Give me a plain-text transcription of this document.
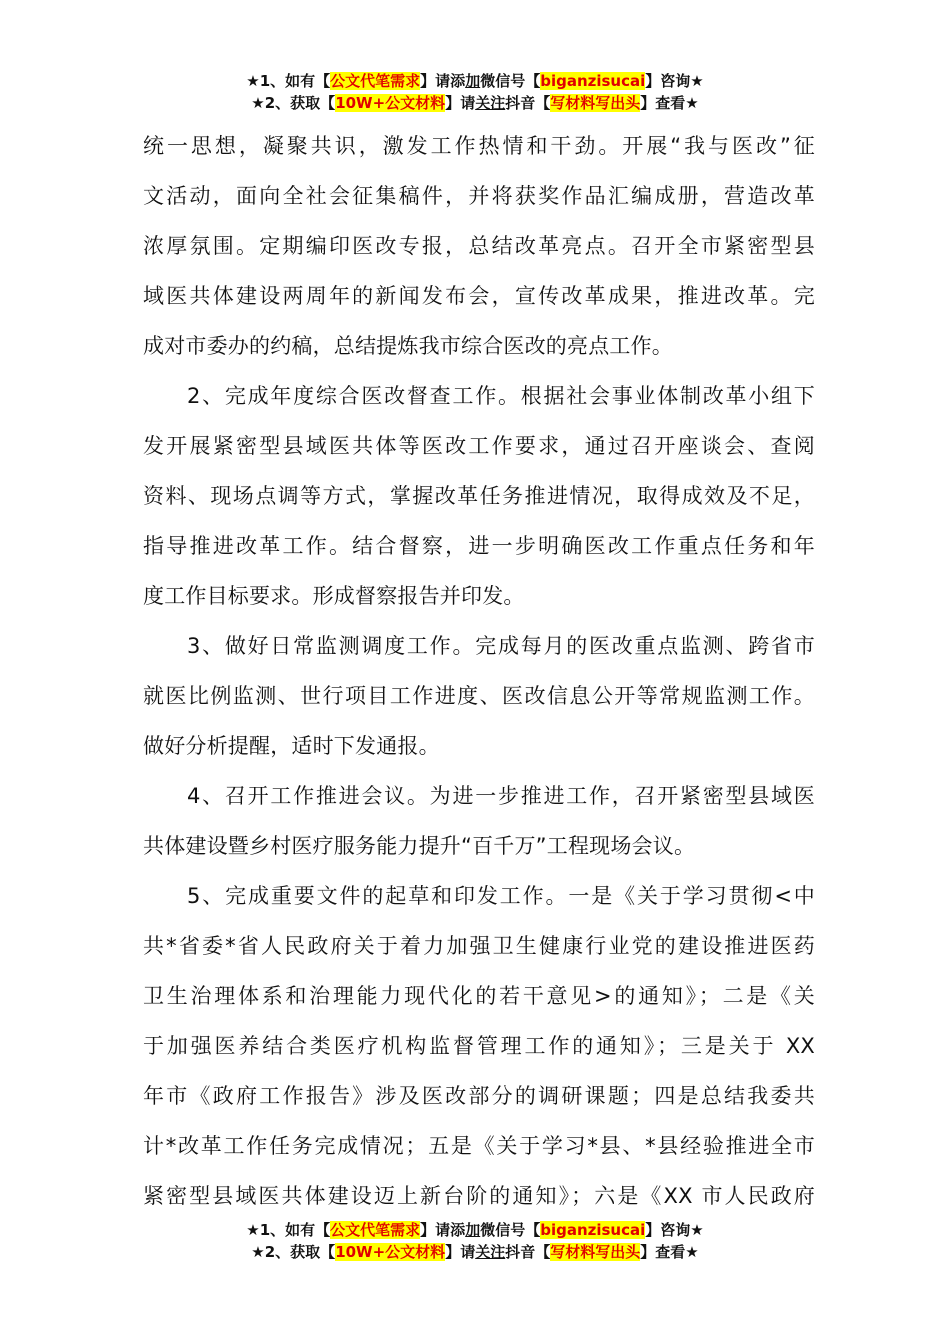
★1、如有【公文代笔需求】请添加微信号【biganzisucai】咨询★
★2、获取【10W+公文材料】请关注抖音【写材料写出头】查看★
统一思想，凝聚共识，激发工作热情和干劲。开展“我与医改”征
文活动，面向全社会征集稿件，并将获奖作品汇编成册，营造改革
浓厚氛围。定期编印医改专报，总结改革亮点。召开全市紧密型县
域医共体建设两周年的新闻发布会，宣传改革成果，推进改革。完
成对市委办的约稿，总结提炼我市综合医改的亮点工作。
2、完成年度综合医改督查工作。根据社会事业体制改革小组下
发开展紧密型县域医共体等医改工作要求，通过召开座谈会、查阅
资料、现场点调等方式，掌握改革任务推进情况，取得成效及不足，
指导推进改革工作。结合督察，进一步明确医改工作重点任务和年
度工作目标要求。形成督察报告并印发。
3、做好日常监测调度工作。完成每月的医改重点监测、跨省市
就医比例监测、世行项目工作进度、医改信息公开等常规监测工作。
做好分析提醒，适时下发通报。
4、召开工作推进会议。为进一步推进工作，召开紧密型县域医
共体建设暨乡村医疗服务能力提升“百千万”工程现场会议。
5、完成重要文件的起草和印发工作。一是《关于学习贯彻<中
共*省委*省人民政府关于着力加强卫生健康行业党的建设推进医药
卫生治理体系和治理能力现代化的若干意见>的通知》；二是《关
于加强医养结合类医疗机构监督管理工作的通知》；三是关于 XX
年市《政府工作报告》涉及医改部分的调研课题；四是总结我委共
计*改革工作任务完成情况；五是《关于学习*县、*县经验推进全市
紧密型县域医共体建设迈上新台阶的通知》；六是《XX 市人民政府
★1、如有【公文代笔需求】请添加微信号【biganzisucai】咨询★
★2、获取【10W+公文材料】请关注抖音【写材料写出头】查看★
